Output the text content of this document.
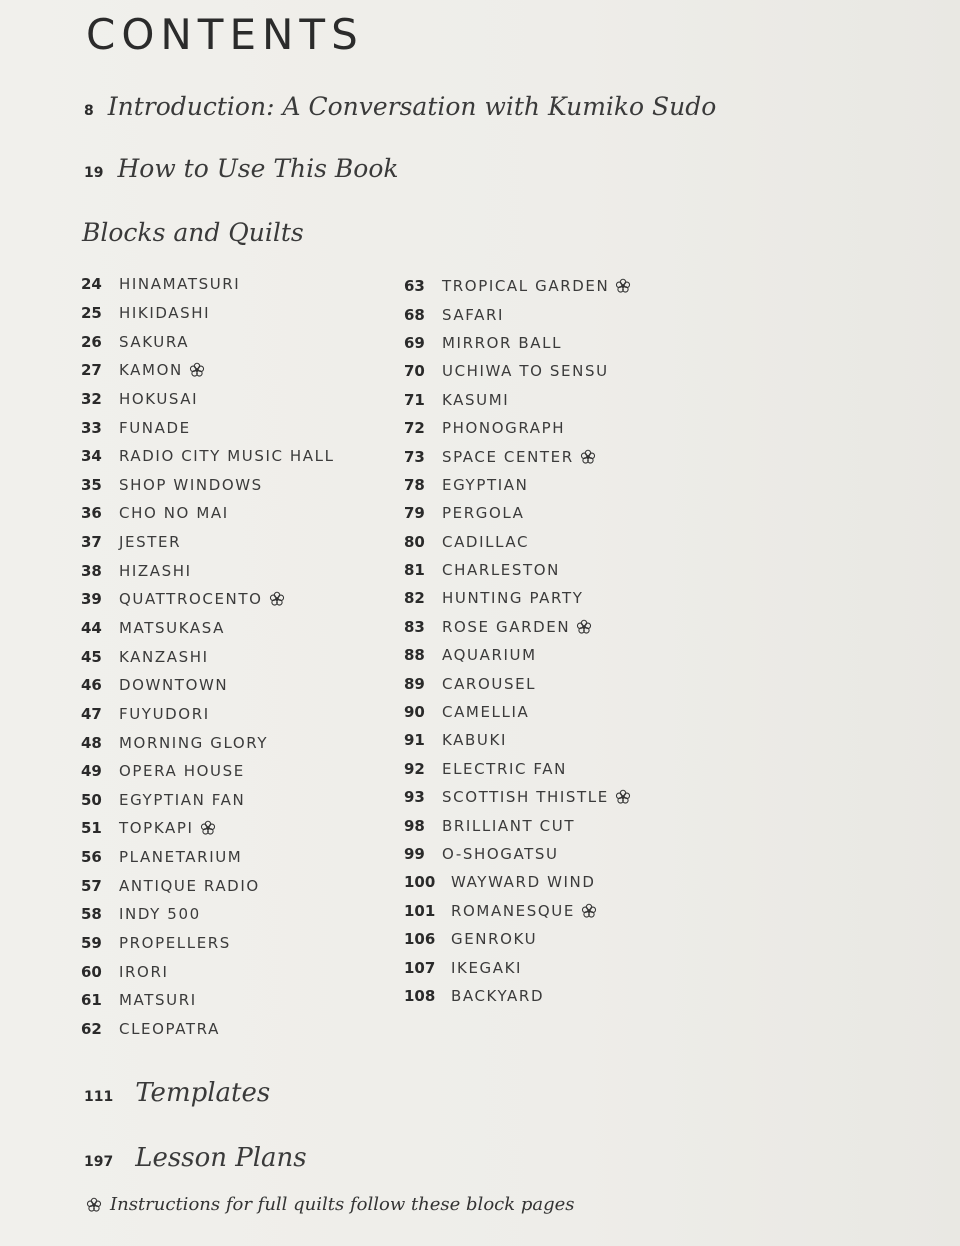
CONTENTS
8 Introduction: A Conversation with Kumiko Sudo
19 How to Use This Book
Blocks and Quilts
24	HINAMATSURI
25	HIKIDASHI
26	SAKURA
27	KAMON
32	HOKUSAI
33	FUNADE
34	RADIO CITY MUSIC HALL
35	SHOP WINDOWS
36	CHO NO MAI
37	JESTER
38	HIZASHI
39	QUATTROCENTO
44	MATSUKASA
45	KANZASHI
46	DOWNTOWN
47	FUYUDORI
48	MORNING GLORY
49	OPERA HOUSE
50	EGYPTIAN FAN
51	TOPKAPI
56	PLANETARIUM
57	ANTIQUE RADIO
58	INDY 500
59	PROPELLERS
60	IRORI
61	MATSURI
62	CLEOPATRA
63	TROPICAL GARDEN
68	SAFARI
69	MIRROR BALL
70	UCHIWA TO SENSU
71	KASUMI
72	PHONOGRAPH
73	SPACE CENTER
78	EGYPTIAN
79	PERGOLA
80	CADILLAC
81	CHARLESTON
82	HUNTING PARTY
83	ROSE GARDEN
88	AQUARIUM
89	CAROUSEL
90	CAMELLIA
91	KABUKI
92	ELECTRIC FAN
93	SCOTTISH THISTLE
98	BRILLIANT CUT
99	O-SHOGATSU
100	WAYWARD WIND
101	ROMANESQUE
106	GENROKU
107	IKEGAKI
108	BACKYARD
111 Templates
197 Lesson Plans
Instructions for full quilts follow these block pages
